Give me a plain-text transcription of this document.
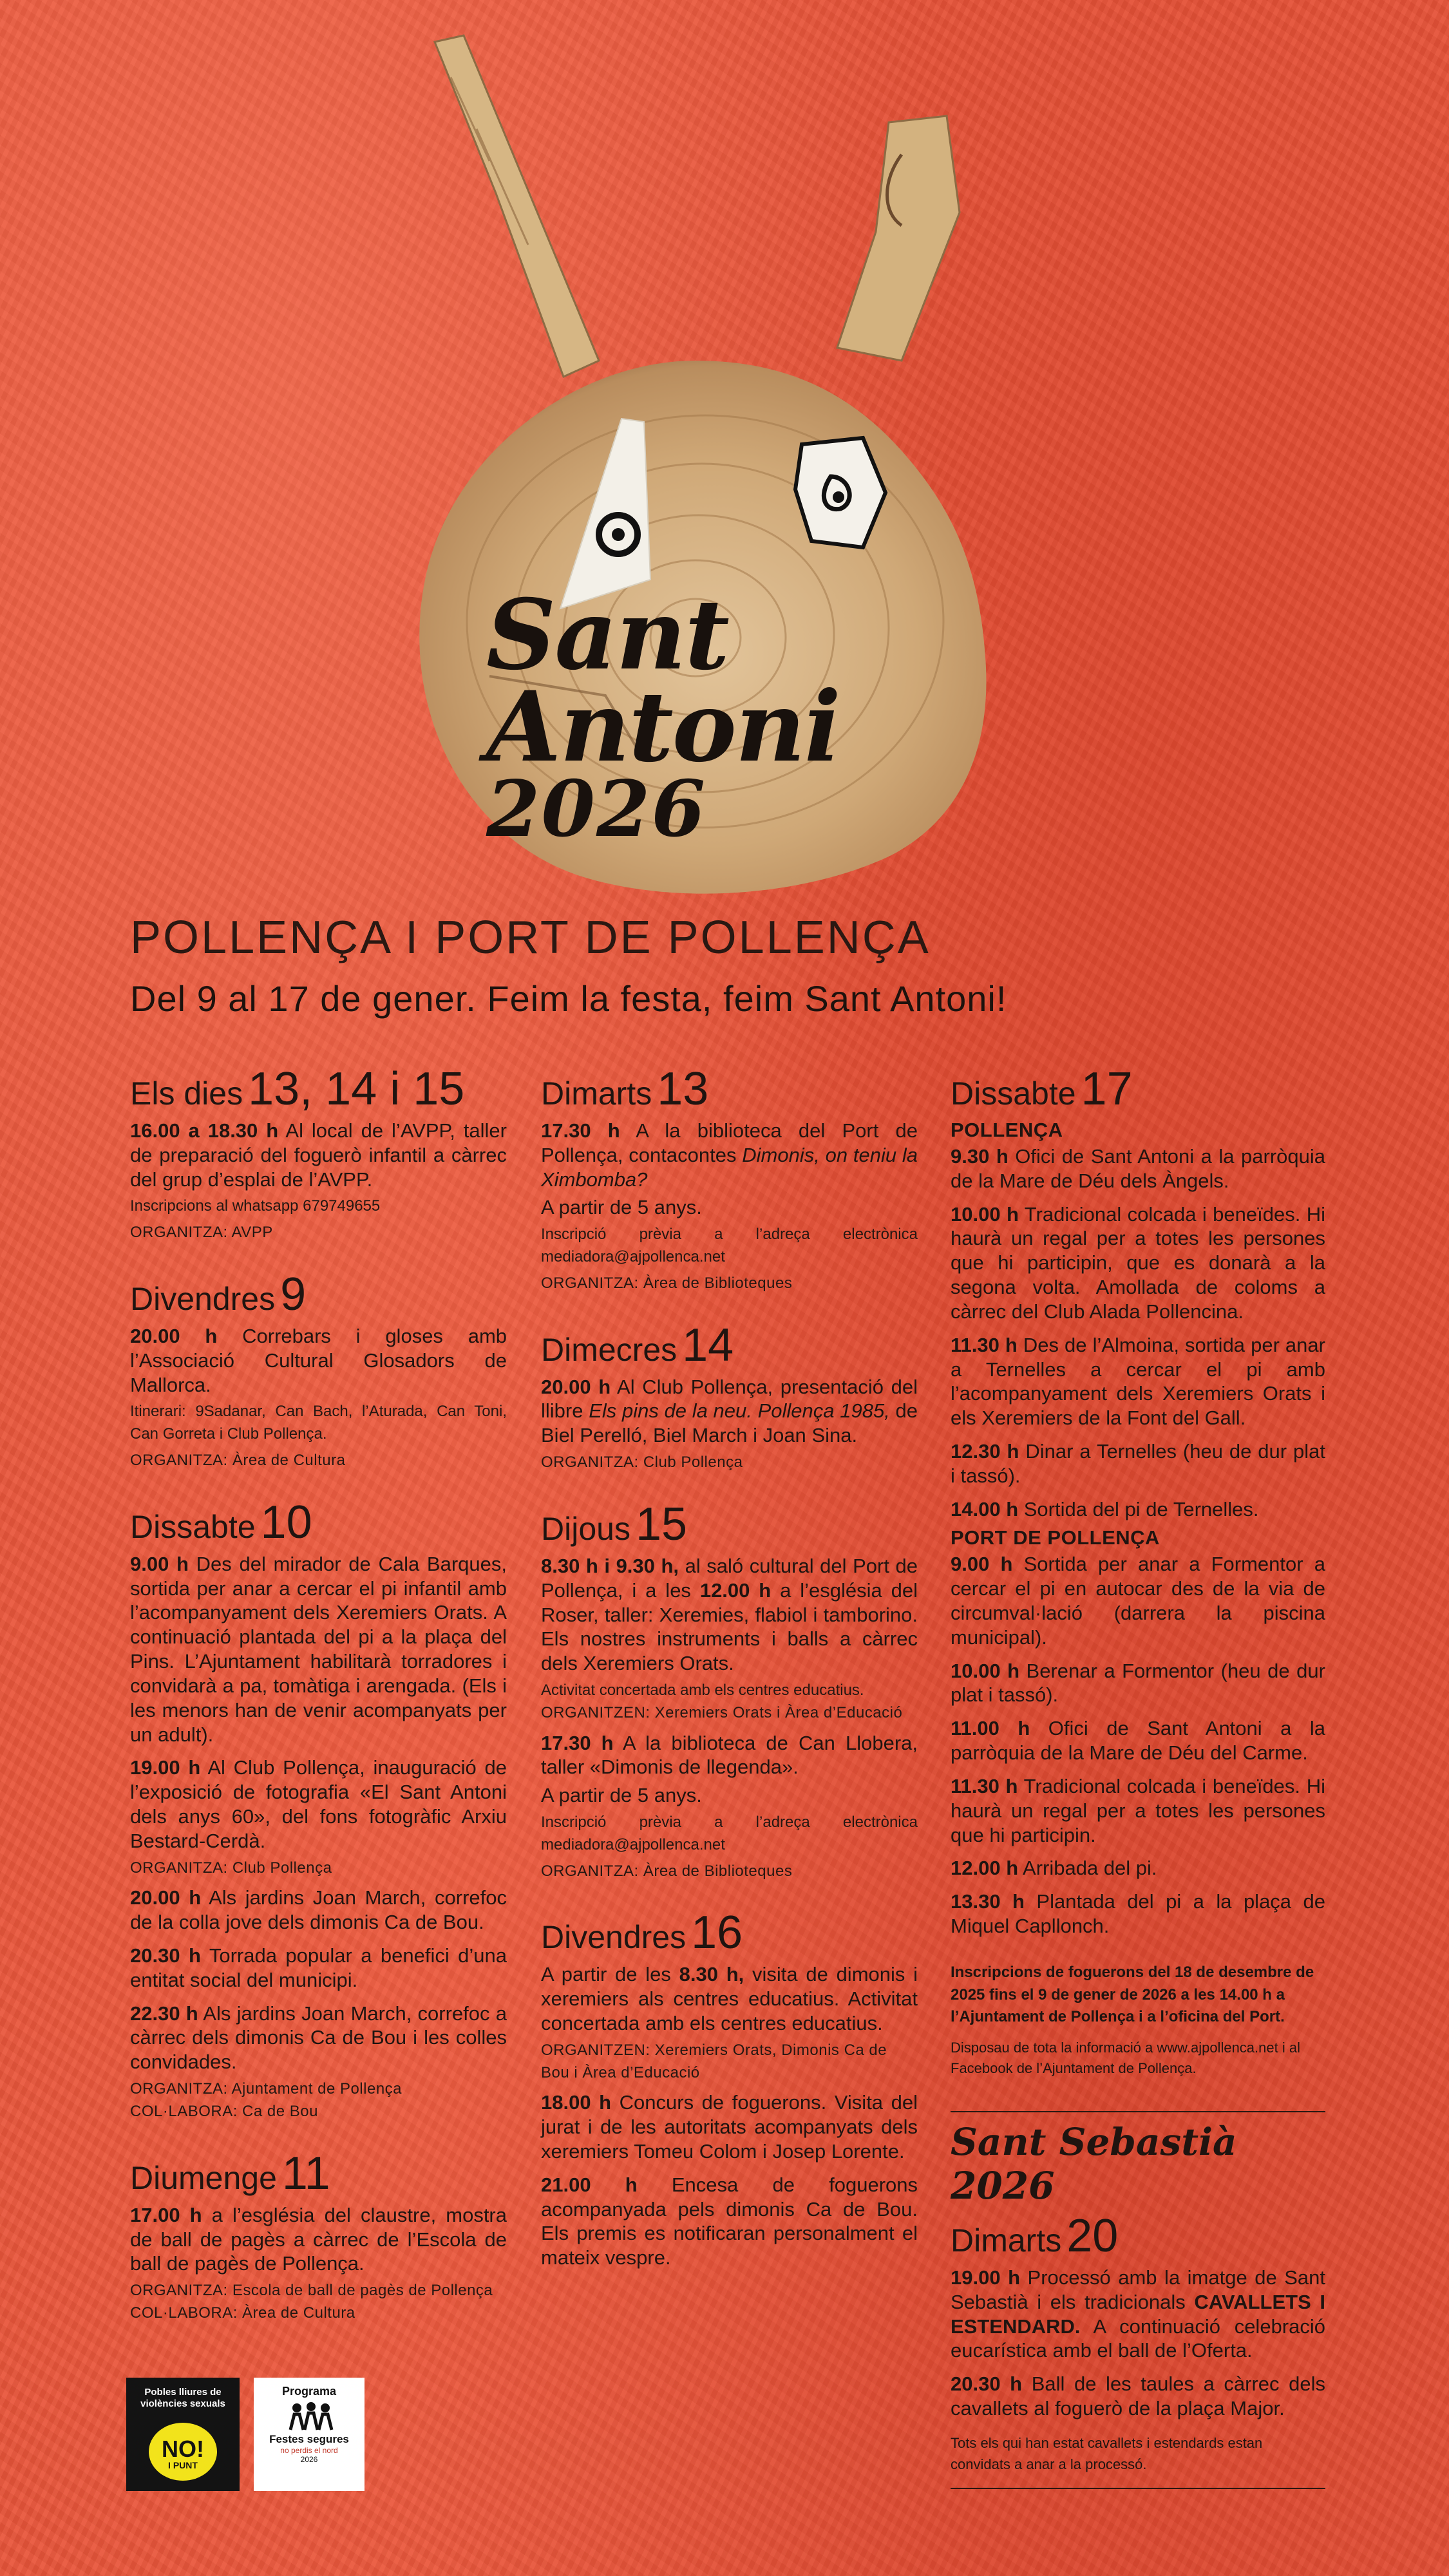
Sant
Antoni
2026
POLLENÇA I PORT DE POLLENÇA
Del 9 al 17 de gener. Feim la festa, feim Sant Antoni!
Els dies 13, 14 i 15

16.00 a 18.30 h Al local de l’AVPP, taller de preparació del foguerò infantil a càrrec del grup d’esplai de l’AVPP.

Inscripcions al whatsapp 679749655

ORGANITZA: AVPP

Divendres 9

20.00 h Correbars i gloses amb l’Associació Cultural Glosadors de Mallorca.

Itinerari: 9Sadanar, Can Bach, l’Aturada, Can Toni, Can Gorreta i Club Pollença.

ORGANITZA: Àrea de Cultura

Dissabte 10

9.00 h Des del mirador de Cala Barques, sortida per anar a cercar el pi infantil amb l’acompanyament dels Xeremiers Orats. A continuació plantada del pi a la plaça del Pins. L’Ajuntament habilitarà torradores i convidarà a pa, tomàtiga i arengada. (Els i les menors han de venir acompanyats per un adult).

19.00 h Al Club Pollença, inauguració de l’exposició de fotografia «El Sant Antoni dels anys 60», del fons fotogràfic Arxiu Bestard-Cerdà.

ORGANITZA: Club Pollença

20.00 h Als jardins Joan March, correfoc de la colla jove dels dimonis Ca de Bou.

20.30 h Torrada popular a benefici d’una entitat social del municipi.

22.30 h Als jardins Joan March, correfoc a càrrec dels dimonis Ca de Bou i les colles convidades.

ORGANITZA: Ajuntament de Pollença

COL·LABORA: Ca de Bou

Diumenge 11

17.00 h a l’església del claustre, mostra de ball de pagès a càrrec de l’Escola de ball de pagès de Pollença.

ORGANITZA: Escola de ball de pagès de Pollença

COL·LABORA: Àrea de Cultura

Dimarts 13

17.30 h A la biblioteca del Port de Pollença, contacontes Dimonis, on teniu la Ximbomba?

A partir de 5 anys.

Inscripció prèvia a l’adreça electrònica mediadora@ajpollenca.net

ORGANITZA: Àrea de Biblioteques

Dimecres 14

20.00 h Al Club Pollença, presentació del llibre Els pins de la neu. Pollença 1985, de Biel Perelló, Biel March i Joan Sina.

ORGANITZA: Club Pollença

Dijous 15

8.30 h i 9.30 h, al saló cultural del Port de Pollença, i a les 12.00 h a l’església del Roser, taller: Xeremies, flabiol i tamborino. Els nostres instruments i balls a càrrec dels Xeremiers Orats.

Activitat concertada amb els centres educatius.

ORGANITZEN: Xeremiers Orats i Àrea d’Educació

17.30 h A la biblioteca de Can Llobera, taller «Dimonis de llegenda».

A partir de 5 anys.

Inscripció prèvia a l’adreça electrònica mediadora@ajpollenca.net

ORGANITZA: Àrea de Biblioteques

Divendres 16

A partir de les 8.30 h, visita de dimonis i xeremiers als centres educatius. Activitat concertada amb els centres educatius.

ORGANITZEN: Xeremiers Orats, Dimonis Ca de Bou i Àrea d’Educació

18.00 h Concurs de foguerons. Visita del jurat i de les autoritats acompanyats dels xeremiers Tomeu Colom i Josep Lorente.

21.00 h Encesa de foguerons acompanyada pels dimonis Ca de Bou. Els premis es notificaran personalment el mateix vespre.

Dissabte 17
POLLENÇA

9.30 h Ofici de Sant Antoni a la parròquia de la Mare de Déu dels Àngels.

10.00 h Tradicional colcada i beneïdes. Hi haurà un regal per a totes les persones que hi participin, que es donarà a la segona volta. Amollada de coloms a càrrec del Club Alada Pollencina.

11.30 h Des de l’Almoina, sortida per anar a Ternelles a cercar el pi amb l’acompanyament dels Xeremiers Orats i els Xeremiers de la Font del Gall.

12.30 h Dinar a Ternelles (heu de dur plat i tassó).

14.00 h Sortida del pi de Ternelles.

PORT DE POLLENÇA

9.00 h Sortida per anar a Formentor a cercar el pi en autocar des de la via de circumval·lació (darrera la piscina municipal).

10.00 h Berenar a Formentor (heu de dur plat i tassó).

11.00 h Ofici de Sant Antoni a la parròquia de la Mare de Déu del Carme.

11.30 h Tradicional colcada i beneïdes. Hi haurà un regal per a totes les persones que hi participin.

12.00 h Arribada del pi.

13.30 h Plantada del pi a la plaça de Miquel Capllonch.

Inscripcions de foguerons del 18 de desembre de 2025 fins el 9 de gener de 2026 a les 14.00 h a l’Ajuntament de Pollença i a l’oficina del Port.
Disposau de tota la informació a www.ajpollenca.net i al Facebook de l’Ajuntament de Pollença.
Sant Sebastià 2026
Dimarts 20

19.00 h Processó amb la imatge de Sant Sebastià i els tradicionals CAVALLETS I ESTENDARD. A continuació celebració eucarística amb el ball de l’Oferta.

20.30 h Ball de les taules a càrrec dels cavallets al foguerò de la plaça Major.

Tots els qui han estat cavallets i estendards estan convidats a anar a la processó.
Pobles lliures de violències sexuals
NO!
I PUNT
Programa
Festes segures
no perdis el nord
2026
